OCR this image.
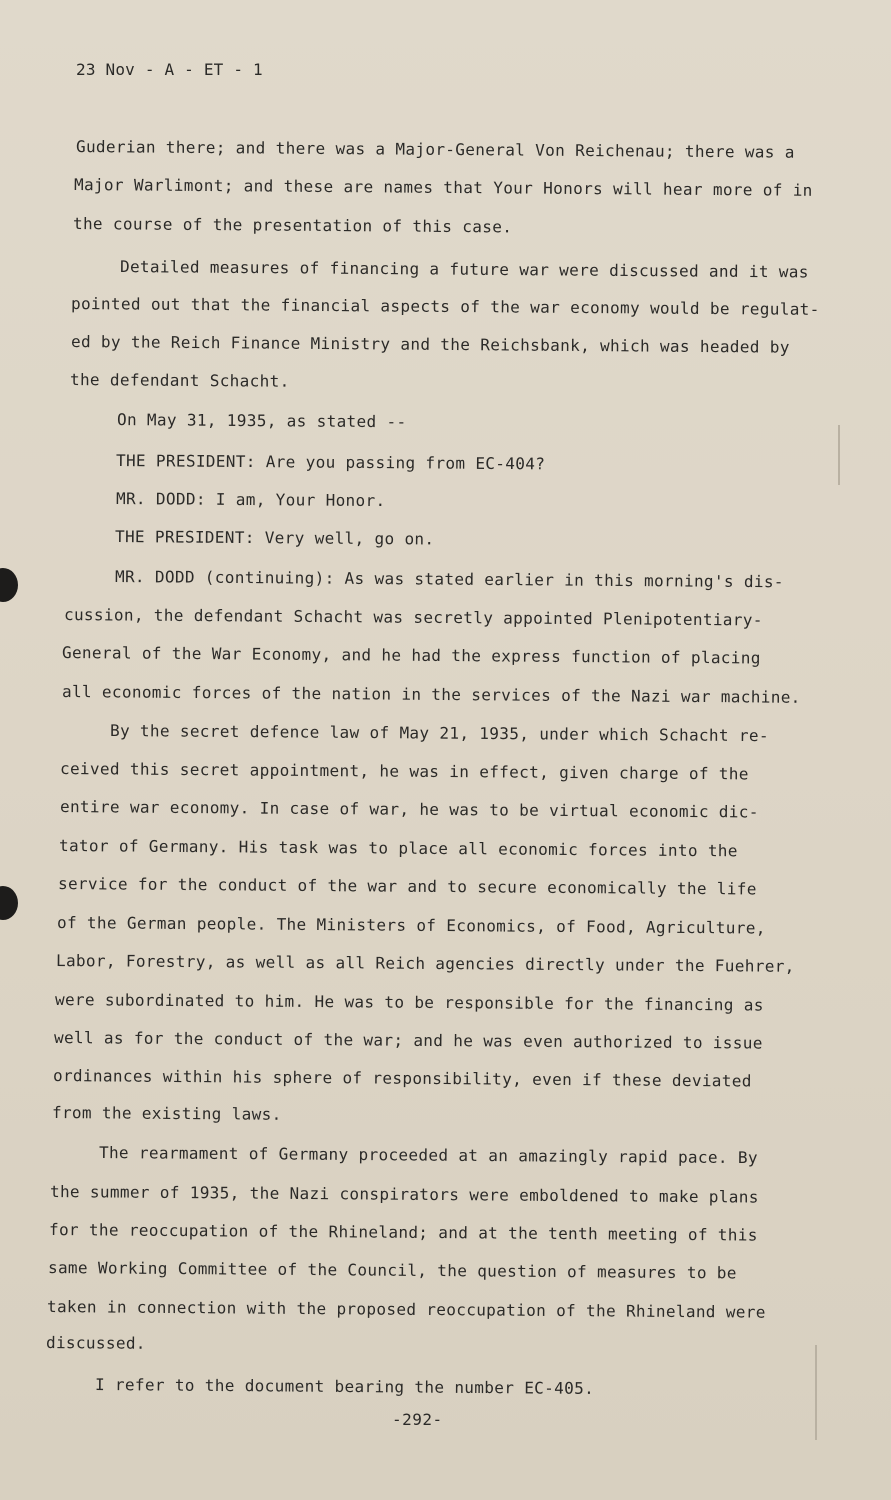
23 Nov - A - ET - 1
Guderian there; and there was a Major-General Von Reichenau; there was a
Major Warlimont; and these are names that Your Honors will hear more of in
the course of the presentation of this case.
Detailed measures of financing a future war were discussed and it was
pointed out that the financial aspects of the war economy would be regulat-
ed by the Reich Finance Ministry and the Reichsbank, which was headed by
the defendant Schacht.
On May 31, 1935, as stated --
THE PRESIDENT: Are you passing from EC-404?
MR. DODD: I am, Your Honor.
THE PRESIDENT: Very well, go on.
MR. DODD (continuing): As was stated earlier in this morning's dis-
cussion, the defendant Schacht was secretly appointed Plenipotentiary-
General of the War Economy, and he had the express function of placing
all economic forces of the nation in the services of the Nazi war machine.
By the secret defence law of May 21, 1935, under which Schacht re-
ceived this secret appointment, he was in effect, given charge of the
entire war economy. In case of war, he was to be virtual economic dic-
tator of Germany. His task was to place all economic forces into the
service for the conduct of the war and to secure economically the life
of the German people. The Ministers of Economics, of Food, Agriculture,
Labor, Forestry, as well as all Reich agencies directly under the Fuehrer,
were subordinated to him. He was to be responsible for the financing as
well as for the conduct of the war; and he was even authorized to issue
ordinances within his sphere of responsibility, even if these deviated
from the existing laws.
The rearmament of Germany proceeded at an amazingly rapid pace. By
the summer of 1935, the Nazi conspirators were emboldened to make plans
for the reoccupation of the Rhineland; and at the tenth meeting of this
same Working Committee of the Council, the question of measures to be
taken in connection with the proposed reoccupation of the Rhineland were
discussed.
I refer to the document bearing the number EC-405.
-292-
